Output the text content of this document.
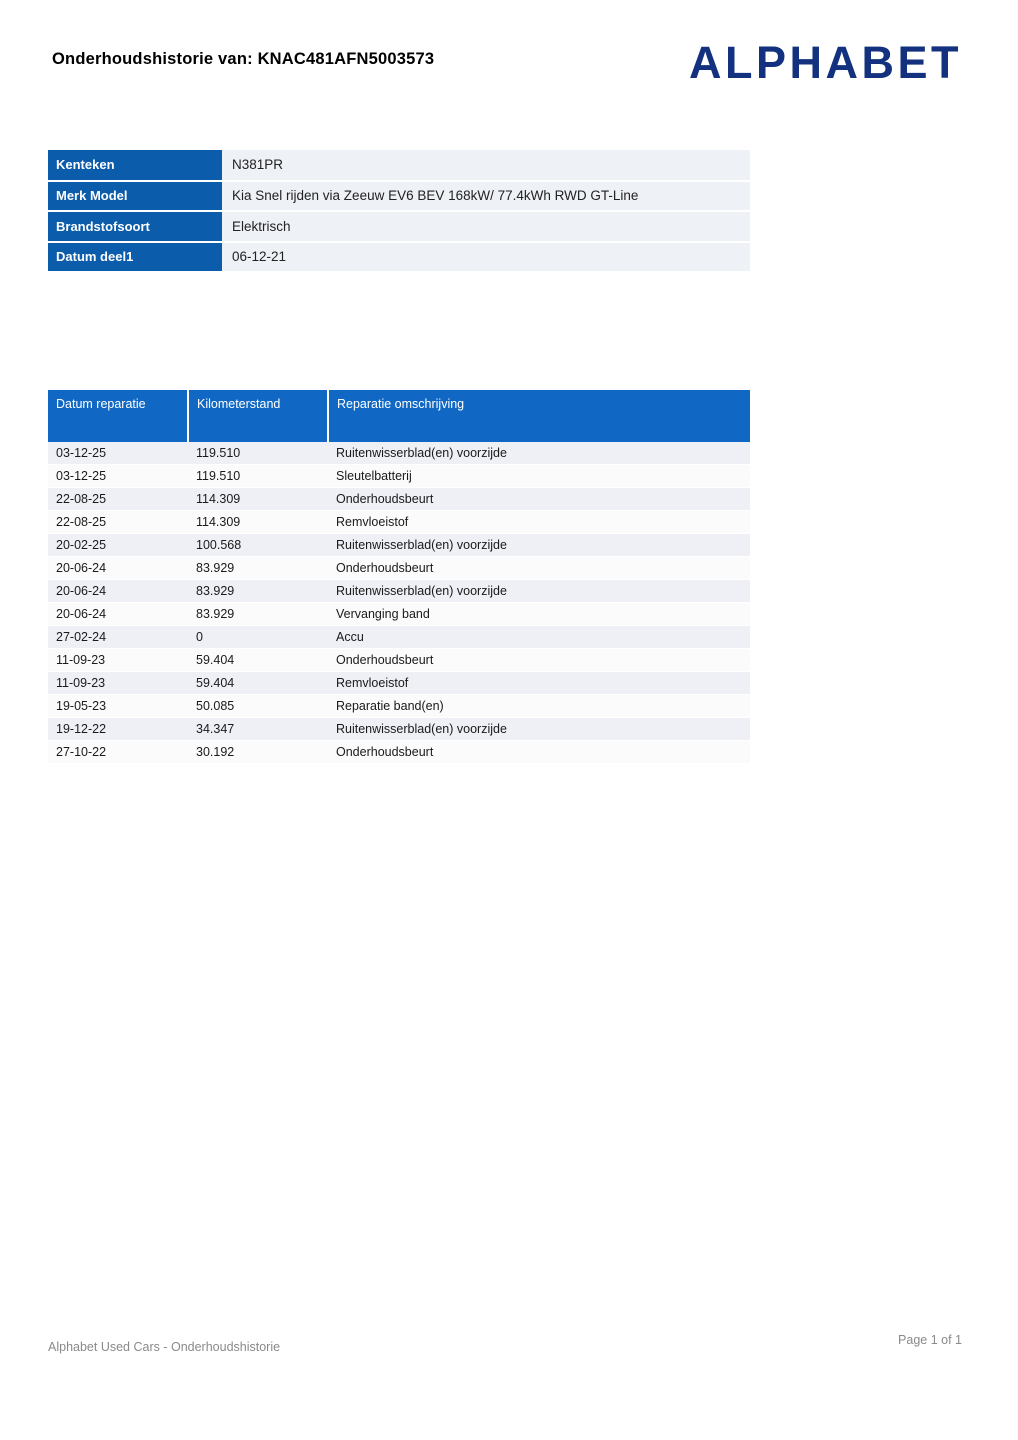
Onderhoudshistorie van: KNAC481AFN5003573	ALPHABET
Kenteken	N381PR
Merk Model	Kia Snel rijden via Zeeuw EV6 BEV 168kW/ 77.4kWh RWD GT-Line
Brandstofsoort	Elektrisch
Datum deel1	06-12-21
Datum reparatie	Kilometerstand	Reparatie omschrijving
03-12-25	119.510	Ruitenwisserblad(en) voorzijde
03-12-25	119.510	Sleutelbatterij
22-08-25	114.309	Onderhoudsbeurt
22-08-25	114.309	Remvloeistof
20-02-25	100.568	Ruitenwisserblad(en) voorzijde
20-06-24	83.929	Onderhoudsbeurt
20-06-24	83.929	Ruitenwisserblad(en) voorzijde
20-06-24	83.929	Vervanging band
27-02-24	0	Accu
11-09-23	59.404	Onderhoudsbeurt
11-09-23	59.404	Remvloeistof
19-05-23	50.085	Reparatie band(en)
19-12-22	34.347	Ruitenwisserblad(en) voorzijde
27-10-22	30.192	Onderhoudsbeurt
Alphabet Used Cars - Onderhoudshistorie	Page 1 of 1
